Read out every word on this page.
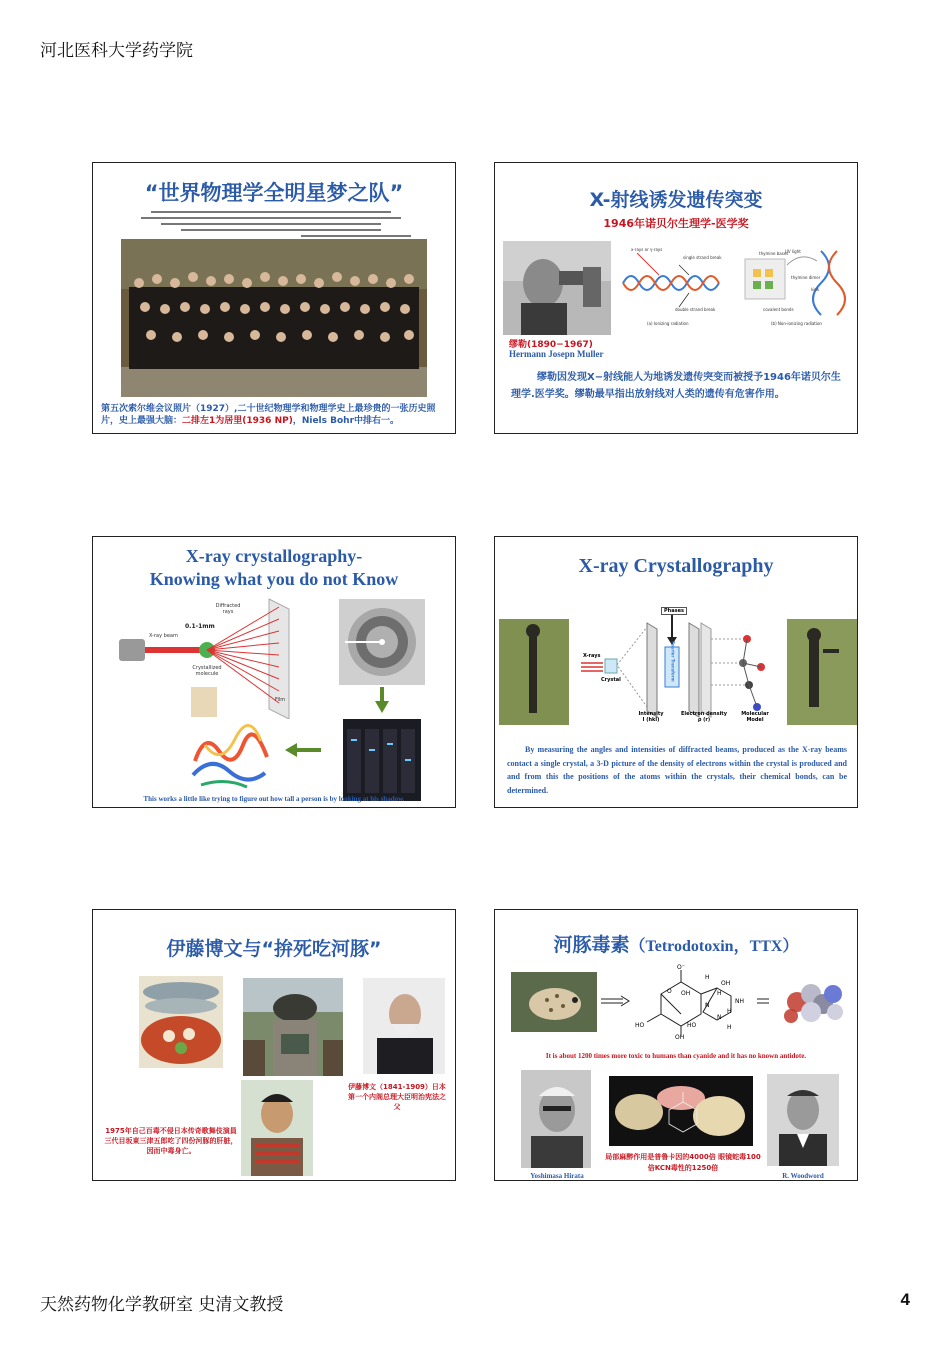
河北医科大学药学院
“世界物理学全明星梦之队”
第五次索尔维会议照片（1927）,二十世纪物理学和物理学史上最珍贵的一张历史照片，史上最强大脑：二排左1为居里(1936 NP)，Niels Bohr中排右一。
X-射线诱发遗传突变
1946年诺贝尔生理学-医学奖
缪勒(1890−1967)
Hermann Josepn Muller
x-rays or γ-rays
single strand break
double strand break
(a) Ionizing radiation
UV light
thymine bases
thymine dimer
kink
covalent bonds
(b) Non-ionizing radiation
缪勒因发现X−射线能人为地诱发遗传突变而被授予1946年诺贝尔生理学.医学奖。缪勒最早指出放射线对人类的遗传有危害作用。
X-ray crystallography-
Knowing what you do not Know
X-ray beam
0.1-1mm
Diffracted rays
Crystallized molecule
Film
This works a little like trying to figure out how tall a person is by looking at his shadow.
X-ray Crystallography
Phases
X-rays
Crystal	Fourier Transform
Intensity
I (hkl)
Electron density
ρ (r)
Molecular Model
By measuring the angles and intensities of diffracted beams, produced as the X-ray beams contact a single crystal, a 3-D picture of the density of electrons within the crystal is produced and and from this the positions of the atoms within the crystals, their chemical bonds, can be determined.
伊藤博文与“拚死吃河豚”
伊藤博文（1841-1909）日本第一个内阁总理大臣明治宪法之父
1975年自己百毒不侵日本传奇歌舞伎演員三代目坂東三津五郎吃了四份河豚的肝脏，因而中毒身亡。
河豚毒素（Tetrodotoxin，TTX）
O⁻
H
OH
O OH	H
NH
N
HO	HO
OH
H
N
H
It is about 1200 times more toxic to humans than cyanide and it has no known antidote.
Yoshimasa Hirata
局部麻醉作用是普鲁卡因的4000倍 眼镜蛇毒100倍KCN毒性的1250倍
R. Woodword
天然药物化学教研室 史清文教授	4
